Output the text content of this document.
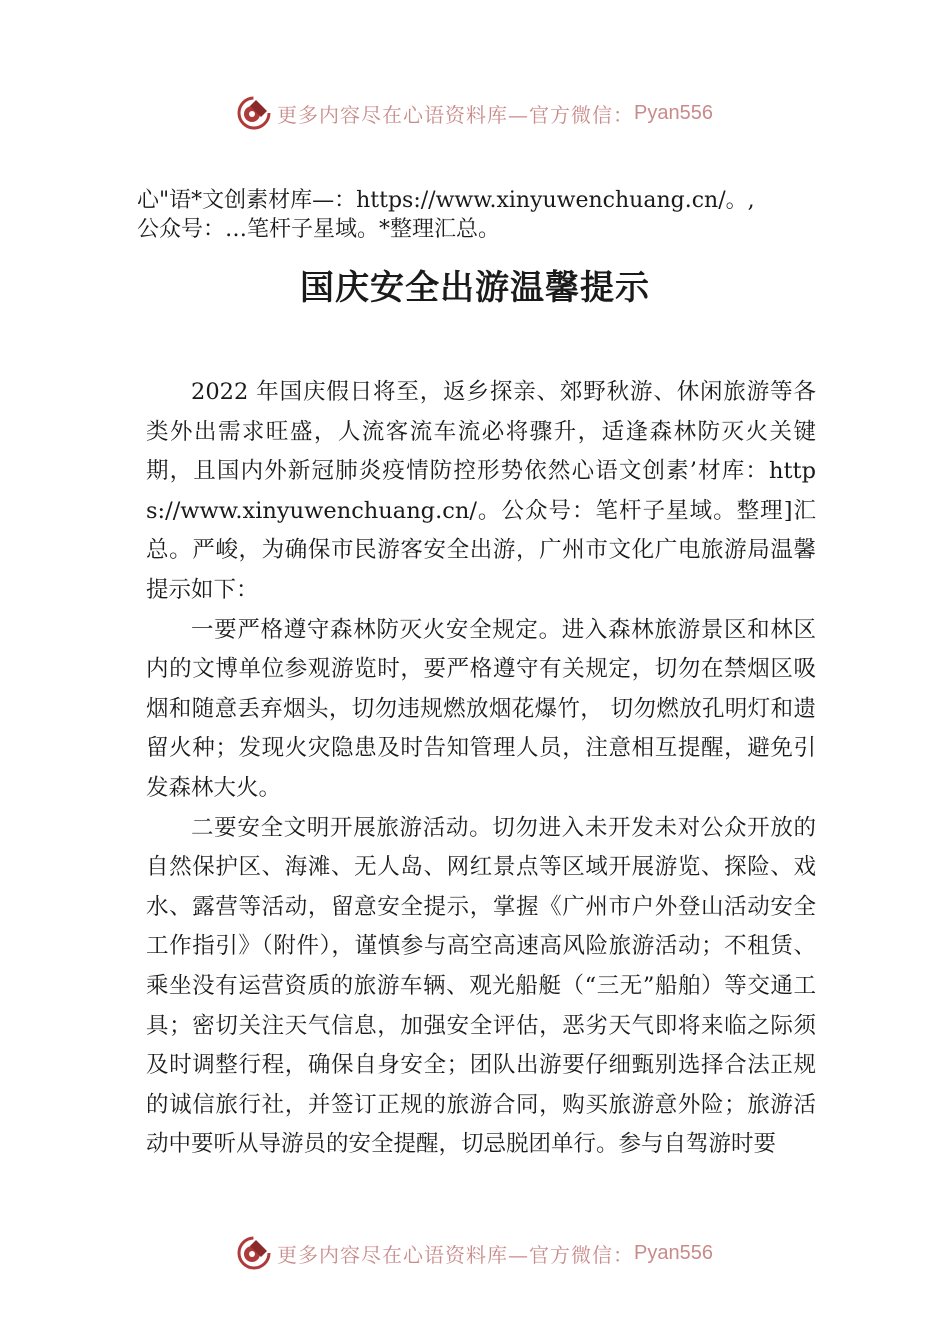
更多内容尽在心语资料库—官方微信： Pyan556
心"语*文创素材库—：https://www.xinyuwenchuang.cn/。,
公众号：…笔杆子星域。*整理汇总。
国庆安全出游温馨提示

2022 年国庆假日将至，返乡探亲、郊野秋游、休闲旅游等各类外出需求旺盛，人流客流车流必将骤升，适逢森林防灭火关键期，且国内外新冠肺炎疫情防控形势依然心语文创素’材库：https://www.xinyuwenchuang.cn/。公众号：笔杆子星域。整理]汇总。严峻，为确保市民游客安全出游，广州市文化广电旅游局温馨提示如下：

一要严格遵守森林防灭火安全规定。进入森林旅游景区和林区内的文博单位参观游览时，要严格遵守有关规定，切勿在禁烟区吸烟和随意丢弃烟头，切勿违规燃放烟花爆竹， 切勿燃放孔明灯和遗留火种；发现火灾隐患及时告知管理人员，注意相互提醒，避免引发森林大火。

二要安全文明开展旅游活动。切勿进入未开发未对公众开放的自然保护区、海滩、无人岛、网红景点等区域开展游览、探险、戏水、露营等活动，留意安全提示，掌握《广州市户外登山活动安全工作指引》（附件），谨慎参与高空高速高风险旅游活动；不租赁、乘坐没有运营资质的旅游车辆、观光船艇（“三无”船舶）等交通工具；密切关注天气信息，加强安全评估，恶劣天气即将来临之际须及时调整行程，确保自身安全；团队出游要仔细甄别选择合法正规的诚信旅行社，并签订正规的旅游合同，购买旅游意外险；旅游活动中要听从导游员的安全提醒，切忌脱团单行。参与自驾游时要

更多内容尽在心语资料库—官方微信： Pyan556
